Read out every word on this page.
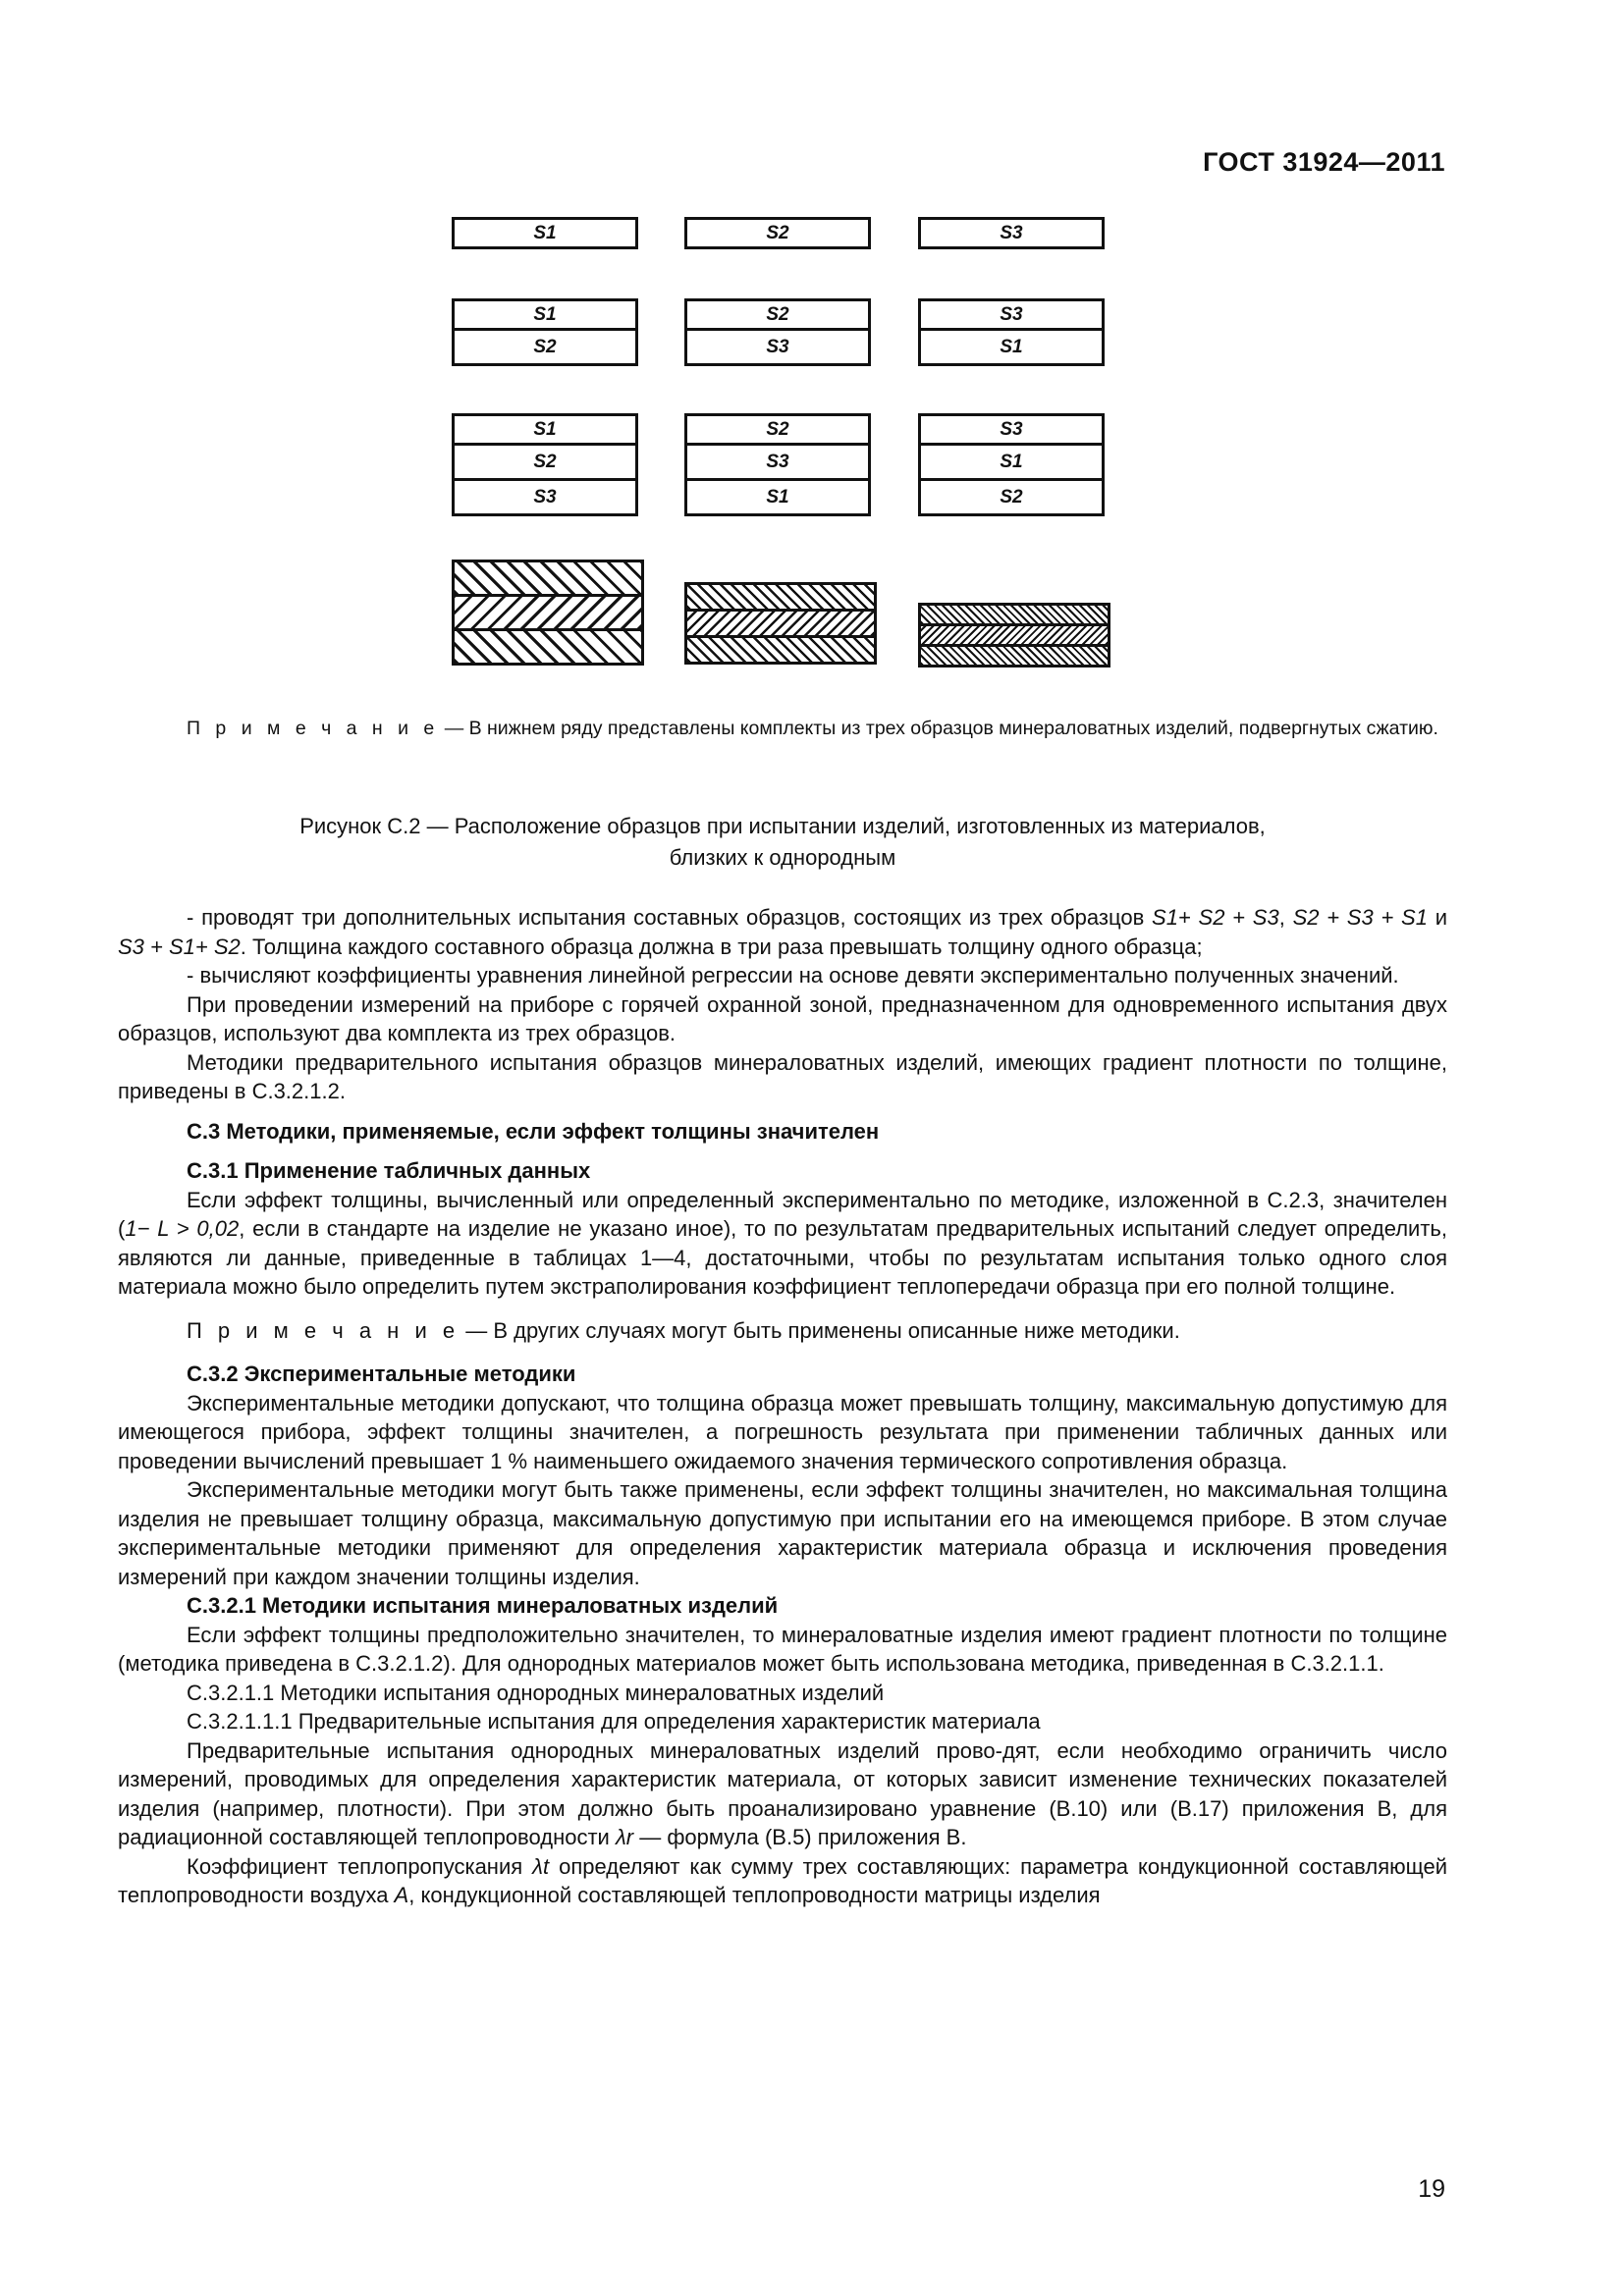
ГОСТ 31924—2011
S1	S2	S3
S1
S2
S2
S3
S3
S1
S1
S2
S3
S2
S3
S1
S3
S1
S2
П р и м е ч а н и е — В нижнем ряду представлены комплекты из трех образцов минераловатных изделий, подвергнутых сжатию.
Рисунок С.2 — Расположение образцов при испытании изделий, изготовленных из материалов,
близких к однородным

- проводят три дополнительных испытания составных образцов, состоящих из трех образцов S1+ S2 + S3, S2 + S3 + S1 и S3 + S1+ S2. Толщина каждого составного образца должна в три раза превышать толщину одного образца;

- вычисляют коэффициенты уравнения линейной регрессии на основе девяти экспериментально полученных значений.

При проведении измерений на приборе с горячей охранной зоной, предназначенном для одновременного испытания двух образцов, используют два комплекта из трех образцов.

Методики предварительного испытания образцов минераловатных изделий, имеющих градиент плотности по толщине, приведены в С.3.2.1.2.

С.3 Методики, применяемые, если эффект толщины значителен

С.3.1 Применение табличных данных

Если эффект толщины, вычисленный или определенный экспериментально по методике, изложенной в С.2.3, значителен (1− L > 0,02, если в стандарте на изделие не указано иное), то по результатам предварительных испытаний следует определить, являются ли данные, приведенные в таблицах 1—4, достаточными, чтобы по результатам испытания только одного слоя материала можно было определить путем экстраполирования коэффициент теплопередачи образца при его полной толщине.

П р и м е ч а н и е — В других случаях могут быть применены описанные ниже методики.

С.3.2 Экспериментальные методики

Экспериментальные методики допускают, что толщина образца может превышать толщину, максимальную допустимую для имеющегося прибора, эффект толщины значителен, а погрешность результата при применении табличных данных или проведении вычислений превышает 1 % наименьшего ожидаемого значения термического сопротивления образца.

Экспериментальные методики могут быть также применены, если эффект толщины значителен, но максимальная толщина изделия не превышает толщину образца, максимальную допустимую при испытании его на имеющемся приборе. В этом случае экспериментальные методики применяют для определения характеристик материала образца и исключения проведения измерений при каждом значении толщины изделия.

С.3.2.1 Методики испытания минераловатных изделий

Если эффект толщины предположительно значителен, то минераловатные изделия имеют градиент плотности по толщине (методика приведена в С.3.2.1.2). Для однородных материалов может быть использована методика, приведенная в С.3.2.1.1.

С.3.2.1.1 Методики испытания однородных минераловатных изделий

С.3.2.1.1.1 Предварительные испытания для определения характеристик материала

Предварительные испытания однородных минераловатных изделий прово-дят, если необходимо ограничить число измерений, проводимых для определения характеристик материала, от которых зависит изменение технических показателей изделия (например, плотности). При этом должно быть проанализировано уравнение (В.10) или (В.17) приложения В, для радиационной составляющей теплопроводности λr — формула (В.5) приложения В.

Коэффициент теплопропускания λt определяют как сумму трех составляющих: параметра кондукционной составляющей теплопроводности воздуха A, кондукционной составляющей теплопроводности матрицы изделия

19
